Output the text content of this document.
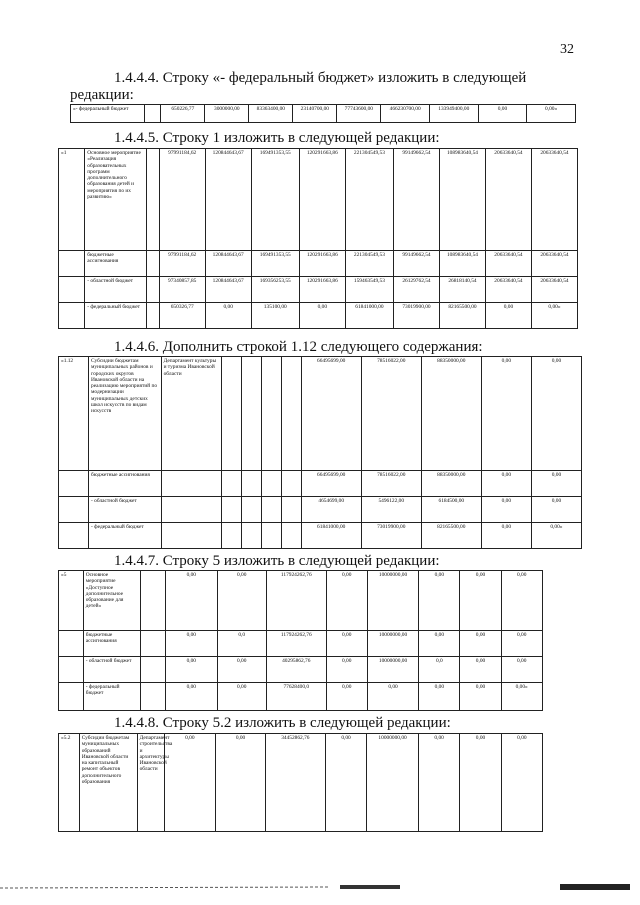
32
1.4.4.4. Строку «- федеральный бюджет» изложить в следующей
редакции:
«- федеральный бюджет		650226,77	3000000,00	83363400,00	23140700,00	77743600,00	466230700,00	133949400,00	0,00	0,00»
1.4.4.5. Строку 1 изложить в следующей редакции:
«1	Основное мероприятие «Реализация образовательных программ дополнительного образования детей и мероприятия по их развитию»		97991184,62	120844643,67	169491353,55	120291663,86	221304549,53	99149662,54	108983640,54	20633640,54	20633640,54
	бюджетные ассигнования		97991184,62	120844643,67	169491353,55	120291663,86	221304549,53	99149662,54	108983640,54	20633640,54	20633640,54
	- областной бюджет		97340857,85	120844643,67	169356253,55	120291663,86	159463549,53	26129762,54	26818140,54	20633640,54	20633640,54
	- федеральный бюджет		650326,77	0,00	135100,00	0,00	61841000,00	73019900,00	82165500,00	0,00	0,00»
1.4.4.6. Дополнить строкой 1.12 следующего содержания:
«1.12	Субсидии бюджетам муниципальных районов и городских округов Ивановской области на реализацию мероприятий по модернизации муниципальных детских школ искусств по видам искусств	Департамент культуры и туризма Ивановской области					66495699,00	78516022,00	88350000,00	0,00	0,00
	бюджетные ассигнования						66495699,00	78516022,00	88350000,00	0,00	0,00
	- областной бюджет						4654699,00	5496122,00	6184500,00	0,00	0,00
	- федеральный бюджет						61841000,00	73019900,00	82165500,00	0,00	0,00»
1.4.4.7. Строку 5 изложить в следующей редакции:
«5	Основное мероприятие «Доступное дополнительное образование для детей»		0,00	0,00	117924262,76	0,00	10000000,00	0,00	0,00	0,00
	бюджетные ассигнования		0,00	0,0	117924262,76	0,00	10000000,00	0,00	0,00	0,00
	- областной бюджет		0,00	0,00	40295862,76	0,00	10000000,00	0,0	0,00	0,00
	- федеральный бюджет		0,00	0,00	77628400,0	0,00	0,00	0,00	0,00	0,00»
1.4.4.8. Строку 5.2 изложить в следующей редакции:
«5.2	Субсидии бюджетам муниципальных образований Ивановской области на капитальный ремонт объектов дополнительного образования	Департамент строительства и архитектуры Ивановской области	0,00	0,00	34452862,76	0,00	10000000,00	0,00	0,00	0,00
